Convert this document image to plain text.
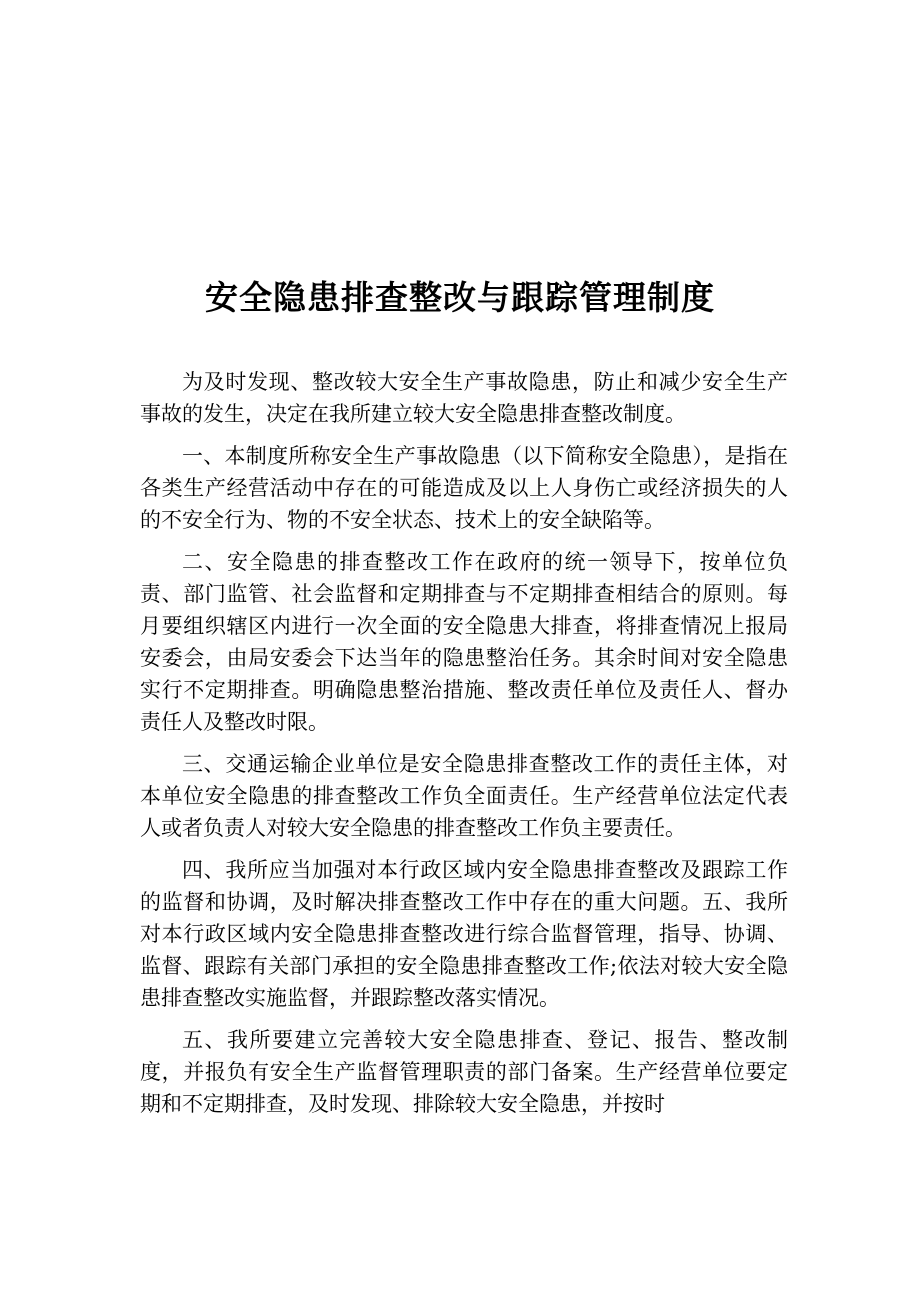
安全隐患排查整改与跟踪管理制度

为及时发现、整改较大安全生产事故隐患，防止和减少安全生产事故的发生，决定在我所建立较大安全隐患排查整改制度。

一、本制度所称安全生产事故隐患（以下简称安全隐患），是指在各类生产经营活动中存在的可能造成及以上人身伤亡或经济损失的人的不安全行为、物的不安全状态、技术上的安全缺陷等。

二、安全隐患的排查整改工作在政府的统一领导下，按单位负责、部门监管、社会监督和定期排查与不定期排查相结合的原则。每月要组织辖区内进行一次全面的安全隐患大排查，将排查情况上报局安委会，由局安委会下达当年的隐患整治任务。其余时间对安全隐患实行不定期排查。明确隐患整治措施、整改责任单位及责任人、督办责任人及整改时限。

三、交通运输企业单位是安全隐患排查整改工作的责任主体，对本单位安全隐患的排查整改工作负全面责任。生产经营单位法定代表人或者负责人对较大安全隐患的排查整改工作负主要责任。

四、我所应当加强对本行政区域内安全隐患排查整改及跟踪工作的监督和协调，及时解决排查整改工作中存在的重大问题。五、我所对本行政区域内安全隐患排查整改进行综合监督管理，指导、协调、监督、跟踪有关部门承担的安全隐患排查整改工作;依法对较大安全隐患排查整改实施监督，并跟踪整改落实情况。

五、我所要建立完善较大安全隐患排查、登记、报告、整改制度，并报负有安全生产监督管理职责的部门备案。生产经营单位要定期和不定期排查，及时发现、排除较大安全隐患，并按时
